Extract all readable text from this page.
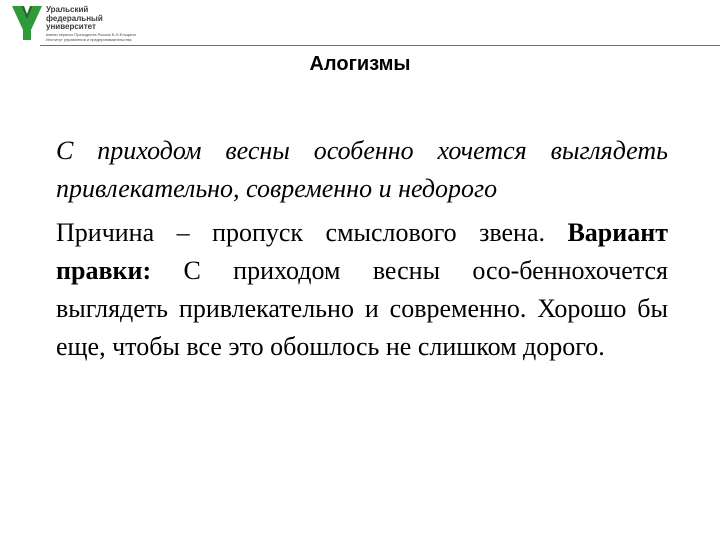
Уральский
федеральный
университет
имени первого Президента России Б.Н.Ельцина
Институт управления и предпринимательства
Алогизмы

С приходом весны особенно хочется выглядеть привлекательно, современно и недорого

Причина – пропуск смыслового звена. Вариант правки: С приходом весны осо-беннохочется выглядеть привлекательно и современно. Хорошо бы еще, чтобы все это обошлось не слишком дорого.
